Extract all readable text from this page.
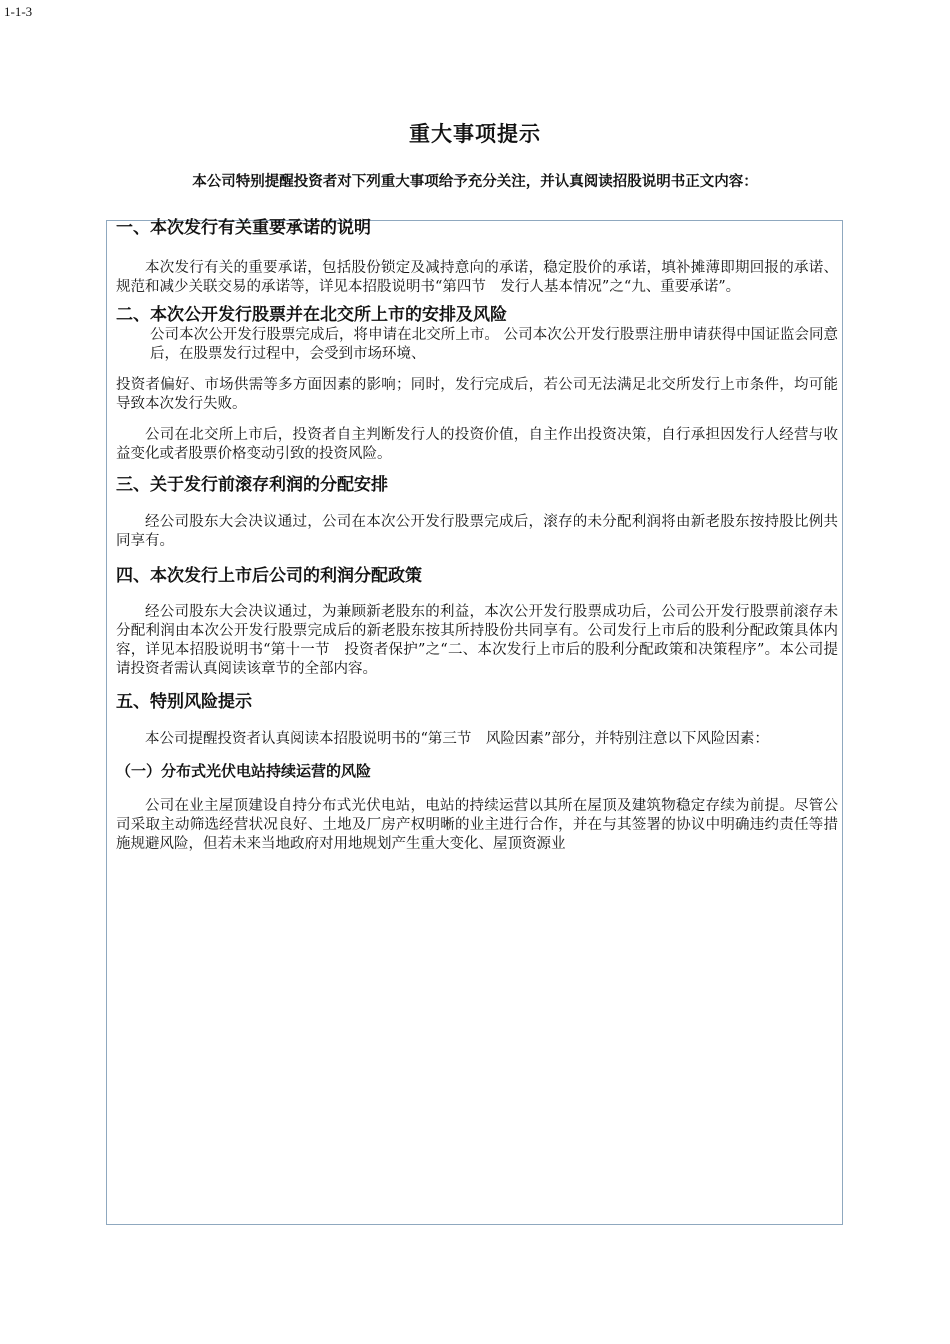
1-1-3
重大事项提示
本公司特别提醒投资者对下列重大事项给予充分关注，并认真阅读招股说明书正文内容：
一、本次发行有关重要承诺的说明

本次发行有关的重要承诺，包括股份锁定及减持意向的承诺，稳定股价的承诺，填补摊薄即期回报的承诺、规范和减少关联交易的承诺等，详见本招股说明书“第四节　发行人基本情况”之“九、重要承诺”。

二、本次公开发行股票并在北交所上市的安排及风险

公司本次公开发行股票完成后，将申请在北交所上市。 公司本次公开发行股票注册申请获得中国证监会同意后，在股票发行过程中，会受到市场环境、

投资者偏好、市场供需等多方面因素的影响；同时，发行完成后，若公司无法满足北交所发行上市条件，均可能导致本次发行失败。

公司在北交所上市后，投资者自主判断发行人的投资价值，自主作出投资决策，自行承担因发行人经营与收益变化或者股票价格变动引致的投资风险。

三、关于发行前滚存利润的分配安排

经公司股东大会决议通过，公司在本次公开发行股票完成后，滚存的未分配利润将由新老股东按持股比例共同享有。

四、本次发行上市后公司的利润分配政策

经公司股东大会决议通过，为兼顾新老股东的利益，本次公开发行股票成功后，公司公开发行股票前滚存未分配利润由本次公开发行股票完成后的新老股东按其所持股份共同享有。公司发行上市后的股利分配政策具体内容，详见本招股说明书“第十一节　投资者保护”之“二、本次发行上市后的股利分配政策和决策程序”。本公司提请投资者需认真阅读该章节的全部内容。

五、特别风险提示

本公司提醒投资者认真阅读本招股说明书的“第三节　风险因素”部分，并特别注意以下风险因素：

（一）分布式光伏电站持续运营的风险

公司在业主屋顶建设自持分布式光伏电站，电站的持续运营以其所在屋顶及建筑物稳定存续为前提。尽管公司采取主动筛选经营状况良好、土地及厂房产权明晰的业主进行合作，并在与其签署的协议中明确违约责任等措施规避风险，但若未来当地政府对用地规划产生重大变化、屋顶资源业
